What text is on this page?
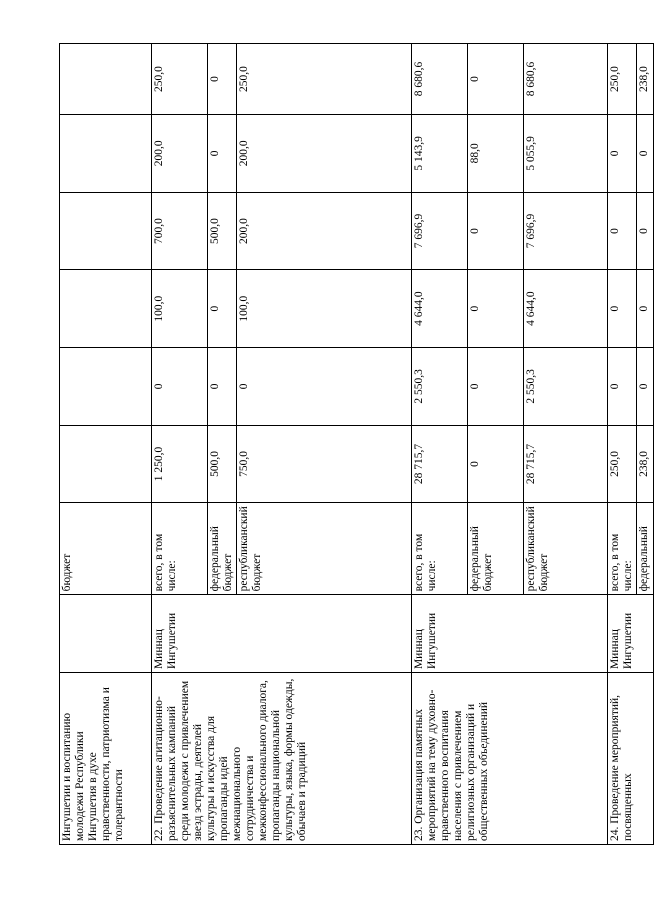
Ингушетии и воспитанию молодежи Республики Ингушетия в духе нравственности, патриотизма и толерантности		бюджет						
22. Проведение агитационно-разъяснительных кампаний среди молодежи с привлечением звезд эстрады, деятелей культуры и искусства для пропаганды идей межнационального сотрудничества и межконфессионального диалога, пропаганды национальной культуры, языка, формы одежды, обычаев и традиций	Миннац Ингушетии	всего, в том числе:	1 250,0	0	100,0	700,0	200,0	250,0
		федеральный бюджет	500,0	0	0	500,0	0	0
		республиканский бюджет	750,0	0	100,0	200,0	200,0	250,0
23. Организация памятных мероприятий на тему духовно-нравственного воспитания населения с привлечением религиозных организаций и общественных объединений	Миннац Ингушетии	всего, в том числе:	28 715,7	2 550,3	4 644,0	7 696,9	5 143,9	8 680,6
		федеральный бюджет	0	0	0	0	88,0	0
		республиканский бюджет	28 715,7	2 550,3	4 644,0	7 696,9	5 055,9	8 680,6
24. Проведение мероприятий, посвященных	Миннац Ингушетии	всего, в том числе:	250,0	0	0	0	0	250,0
		федеральный	238,0	0	0	0	0	238,0
